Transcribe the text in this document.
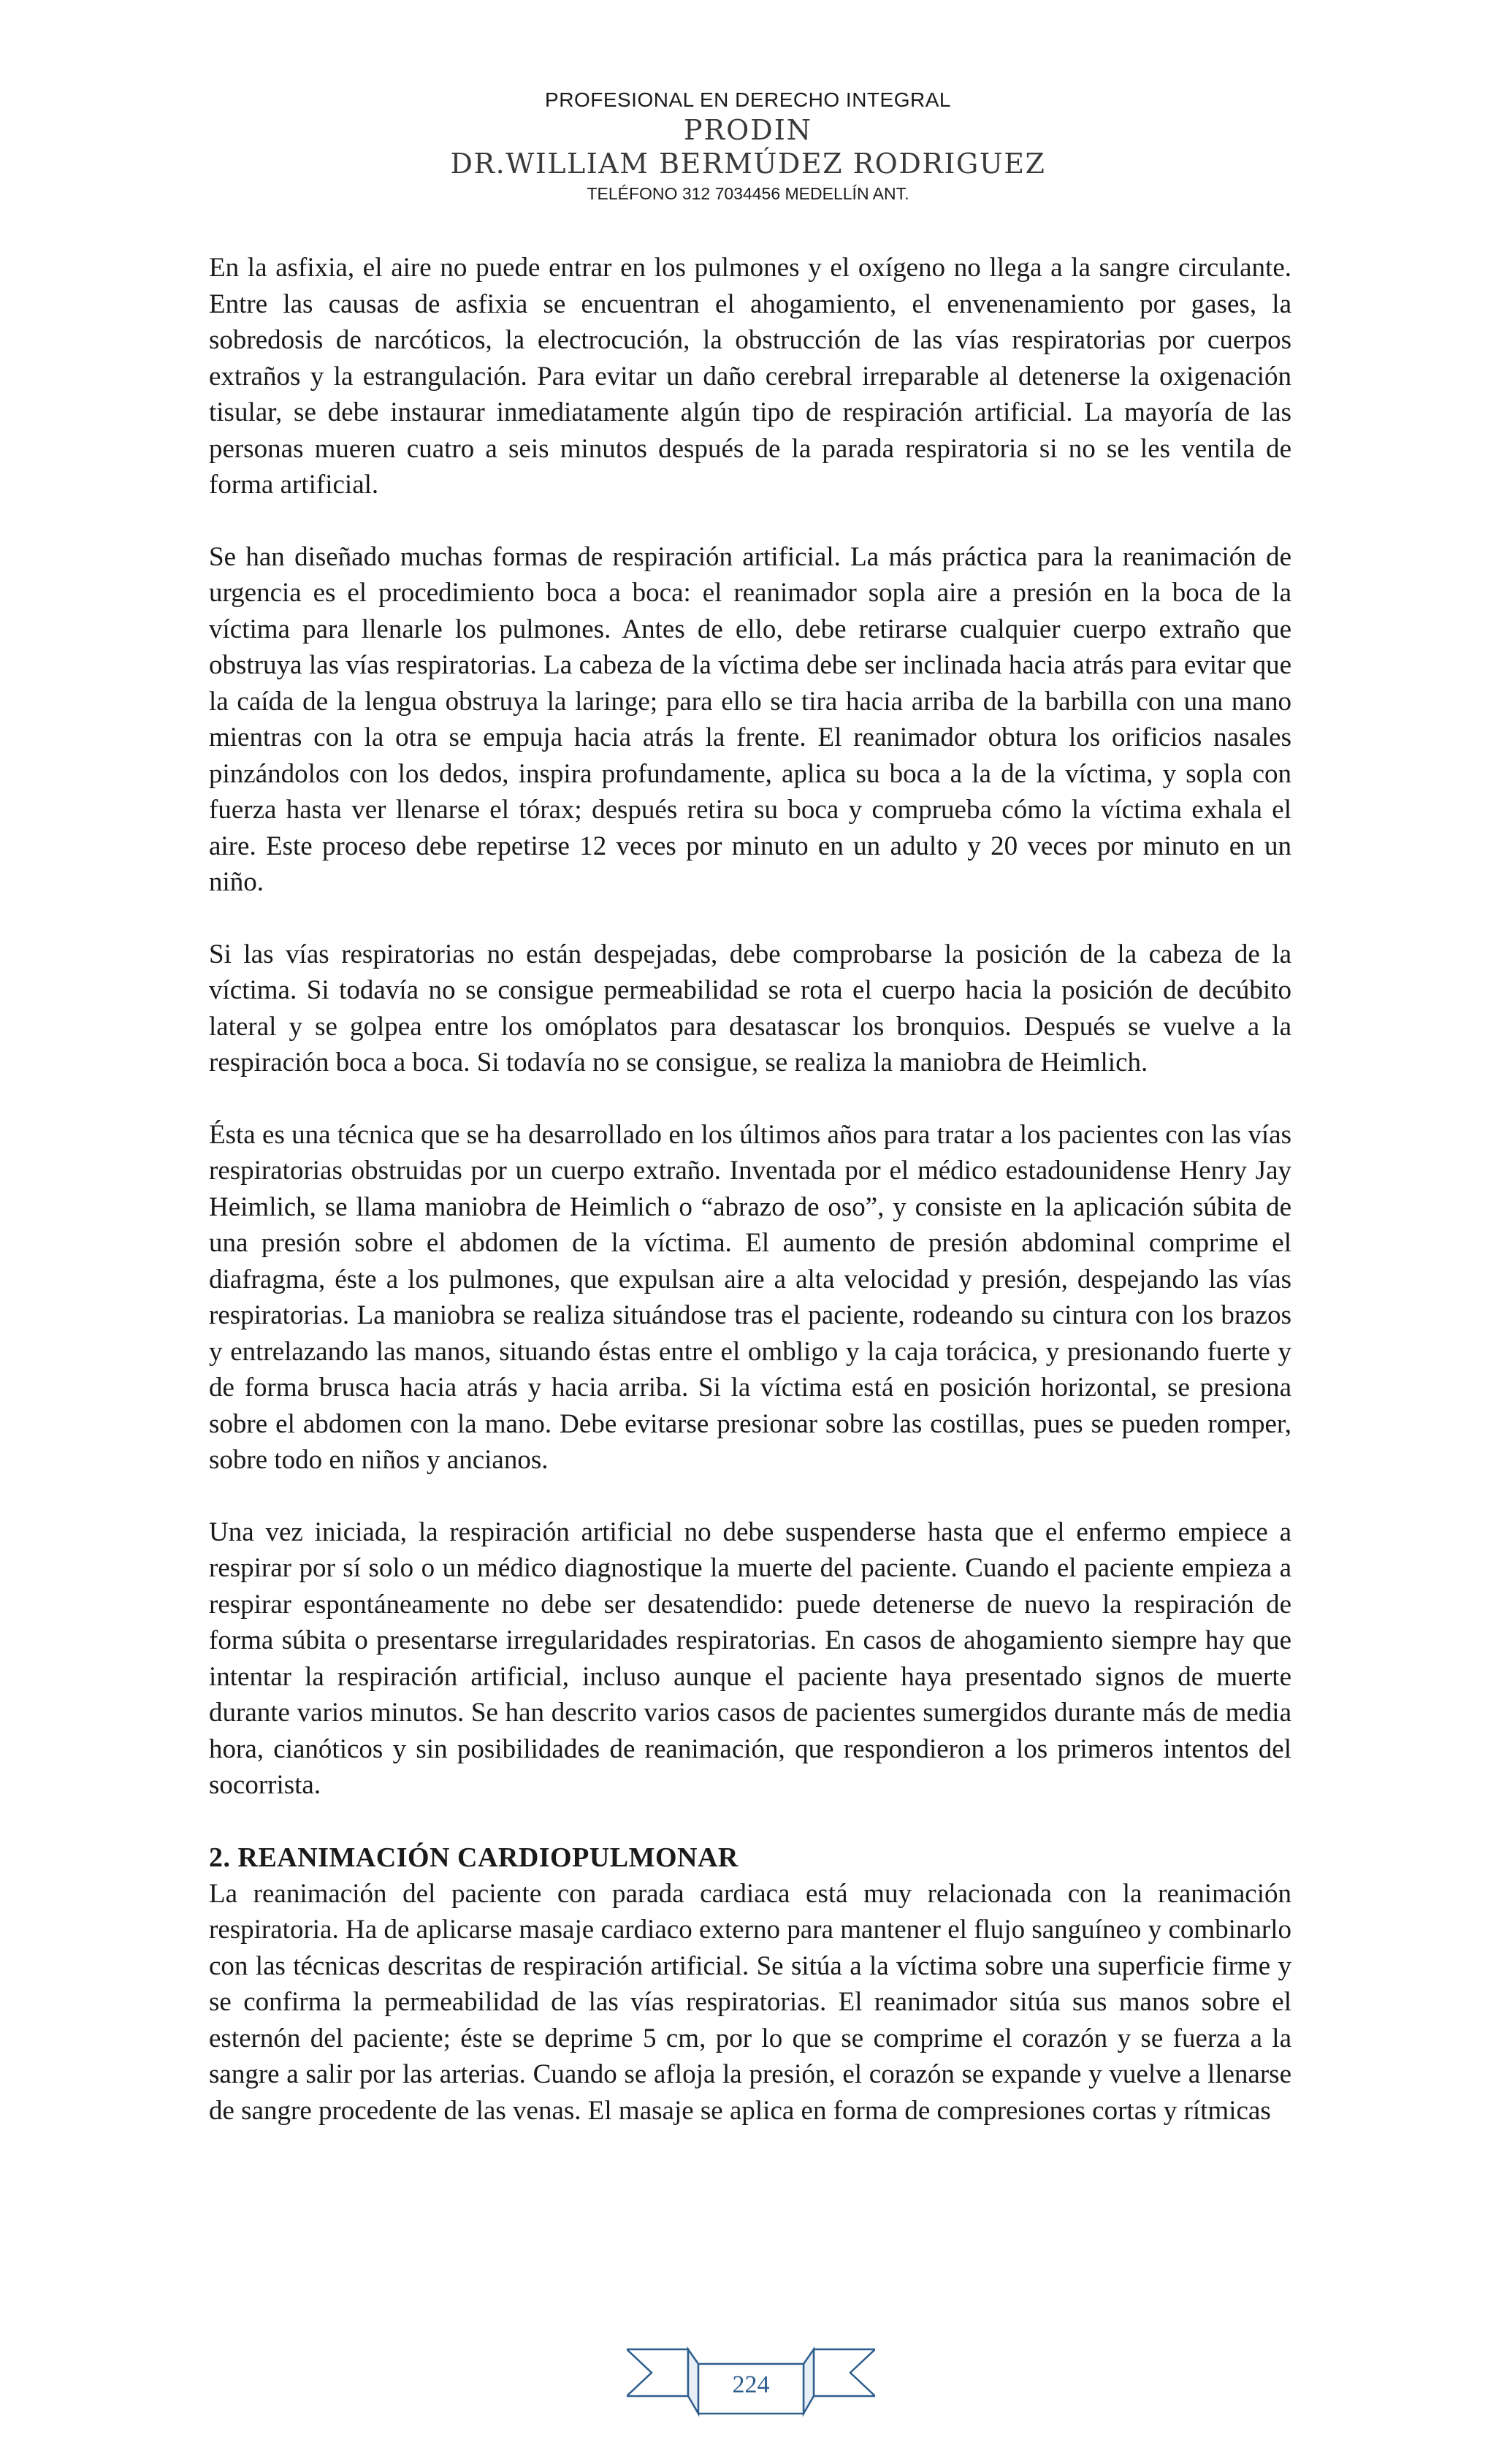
PROFESIONAL EN DERECHO INTEGRAL
PRODIN
DR.WILLIAM BERMÚDEZ RODRIGUEZ
TELÉFONO 312 7034456 MEDELLÍN ANT.

En la asfixia, el aire no puede entrar en los pulmones y el oxígeno no llega a la sangre circulante. Entre las causas de asfixia se encuentran el ahogamiento, el envenenamiento por gases, la sobredosis de narcóticos, la electrocución, la obstrucción de las vías respiratorias por cuerpos extraños y la estrangulación. Para evitar un daño cerebral irreparable al detenerse la oxigenación tisular, se debe instaurar inmediatamente algún tipo de respiración artificial. La mayoría de las personas mueren cuatro a seis minutos después de la parada respiratoria si no se les ventila de forma artificial.

Se han diseñado muchas formas de respiración artificial. La más práctica para la reanimación de urgencia es el procedimiento boca a boca: el reanimador sopla aire a presión en la boca de la víctima para llenarle los pulmones. Antes de ello, debe retirarse cualquier cuerpo extraño que obstruya las vías respiratorias. La cabeza de la víctima debe ser inclinada hacia atrás para evitar que la caída de la lengua obstruya la laringe; para ello se tira hacia arriba de la barbilla con una mano mientras con la otra se empuja hacia atrás la frente. El reanimador obtura los orificios nasales pinzándolos con los dedos, inspira profundamente, aplica su boca a la de la víctima, y sopla con fuerza hasta ver llenarse el tórax; después retira su boca y comprueba cómo la víctima exhala el aire. Este proceso debe repetirse 12 veces por minuto en un adulto y 20 veces por minuto en un niño.

Si las vías respiratorias no están despejadas, debe comprobarse la posición de la cabeza de la víctima. Si todavía no se consigue permeabilidad se rota el cuerpo hacia la posición de decúbito lateral y se golpea entre los omóplatos para desatascar los bronquios. Después se vuelve a la respiración boca a boca. Si todavía no se consigue, se realiza la maniobra de Heimlich.

Ésta es una técnica que se ha desarrollado en los últimos años para tratar a los pacientes con las vías respiratorias obstruidas por un cuerpo extraño. Inventada por el médico estadounidense Henry Jay Heimlich, se llama maniobra de Heimlich o “abrazo de oso”, y consiste en la aplicación súbita de una presión sobre el abdomen de la víctima. El aumento de presión abdominal comprime el diafragma, éste a los pulmones, que expulsan aire a alta velocidad y presión, despejando las vías respiratorias. La maniobra se realiza situándose tras el paciente, rodeando su cintura con los brazos y entrelazando las manos, situando éstas entre el ombligo y la caja torácica, y presionando fuerte y de forma brusca hacia atrás y hacia arriba. Si la víctima está en posición horizontal, se presiona sobre el abdomen con la mano. Debe evitarse presionar sobre las costillas, pues se pueden romper, sobre todo en niños y ancianos.

Una vez iniciada, la respiración artificial no debe suspenderse hasta que el enfermo empiece a respirar por sí solo o un médico diagnostique la muerte del paciente. Cuando el paciente empieza a respirar espontáneamente no debe ser desatendido: puede detenerse de nuevo la respiración de forma súbita o presentarse irregularidades respiratorias. En casos de ahogamiento siempre hay que intentar la respiración artificial, incluso aunque el paciente haya presentado signos de muerte durante varios minutos. Se han descrito varios casos de pacientes sumergidos durante más de media hora, cianóticos y sin posibilidades de reanimación, que respondieron a los primeros intentos del socorrista.

2. REANIMACIÓN CARDIOPULMONAR

La reanimación del paciente con parada cardiaca está muy relacionada con la reanimación respiratoria. Ha de aplicarse masaje cardiaco externo para mantener el flujo sanguíneo y combinarlo con las técnicas descritas de respiración artificial. Se sitúa a la víctima sobre una superficie firme y se confirma la permeabilidad de las vías respiratorias. El reanimador sitúa sus manos sobre el esternón del paciente; éste se deprime 5 cm, por lo que se comprime el corazón y se fuerza a la sangre a salir por las arterias. Cuando se afloja la presión, el corazón se expande y vuelve a llenarse de sangre procedente de las venas. El masaje se aplica en forma de compresiones cortas y rítmicas

224
